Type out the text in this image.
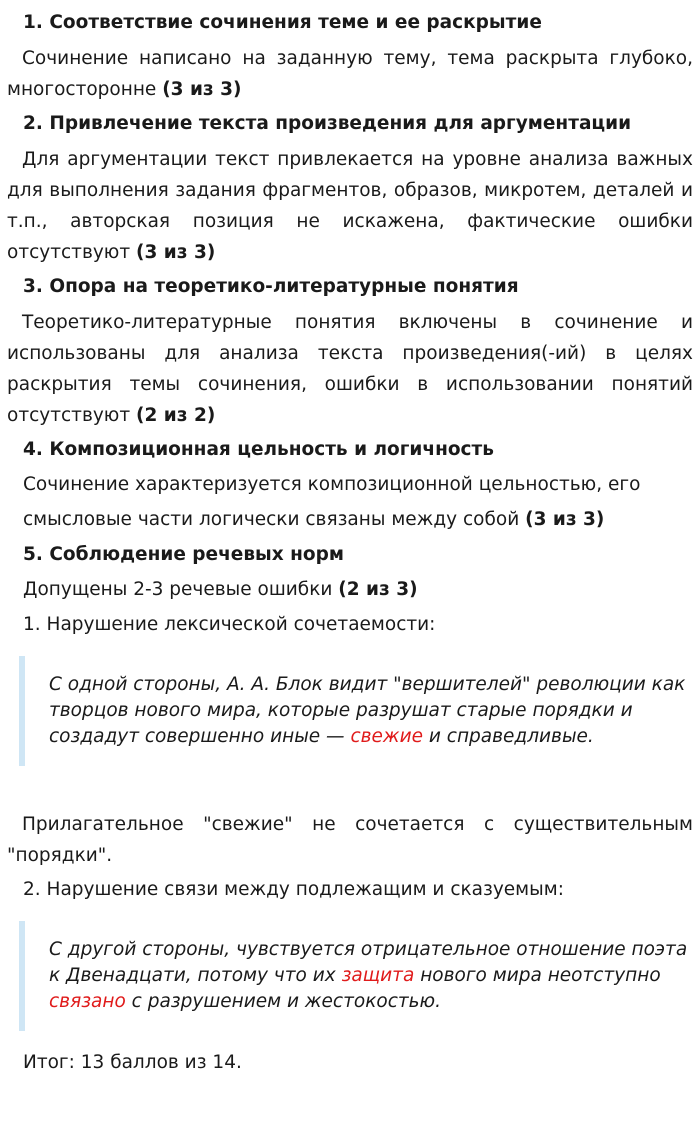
1. Соответствие сочинения теме и ее раскрытие

Сочинение написано на заданную тему, тема раскрыта глубоко, многосторонне (3 из 3)

2. Привлечение текста произведения для аргументации

Для аргументации текст привлекается на уровне анализа важных для выполнения задания фрагментов, образов, микротем, деталей и т.п., авторская позиция не искажена, фактические ошибки отсутствуют (3 из 3)

3. Опора на теоретико-литературные понятия

Теоретико-литературные понятия включены в сочинение и использованы для анализа текста произведения(-ий) в целях раскрытия темы сочинения, ошибки в использовании понятий отсутствуют (2 из 2)

4. Композиционная цельность и логичность

Сочинение характеризуется композиционной цельностью, его

смысловые части логически связаны между собой (3 из 3)

5. Соблюдение речевых норм

Допущены 2-3 речевые ошибки (2 из 3)

1. Нарушение лексической сочетаемости:

С одной стороны, А. А. Блок видит "вершителей" революции как творцов нового мира, которые разрушат старые порядки и создадут совершенно иные — свежие и справедливые.

Прилагательное "свежие" не сочетается с существительным "порядки".

2. Нарушение связи между подлежащим и сказуемым:

С другой стороны, чувствуется отрицательное отношение поэта к Двенадцати, потому что их защита нового мира неотступно связано с разрушением и жестокостью.

Итог: 13 баллов из 14.
